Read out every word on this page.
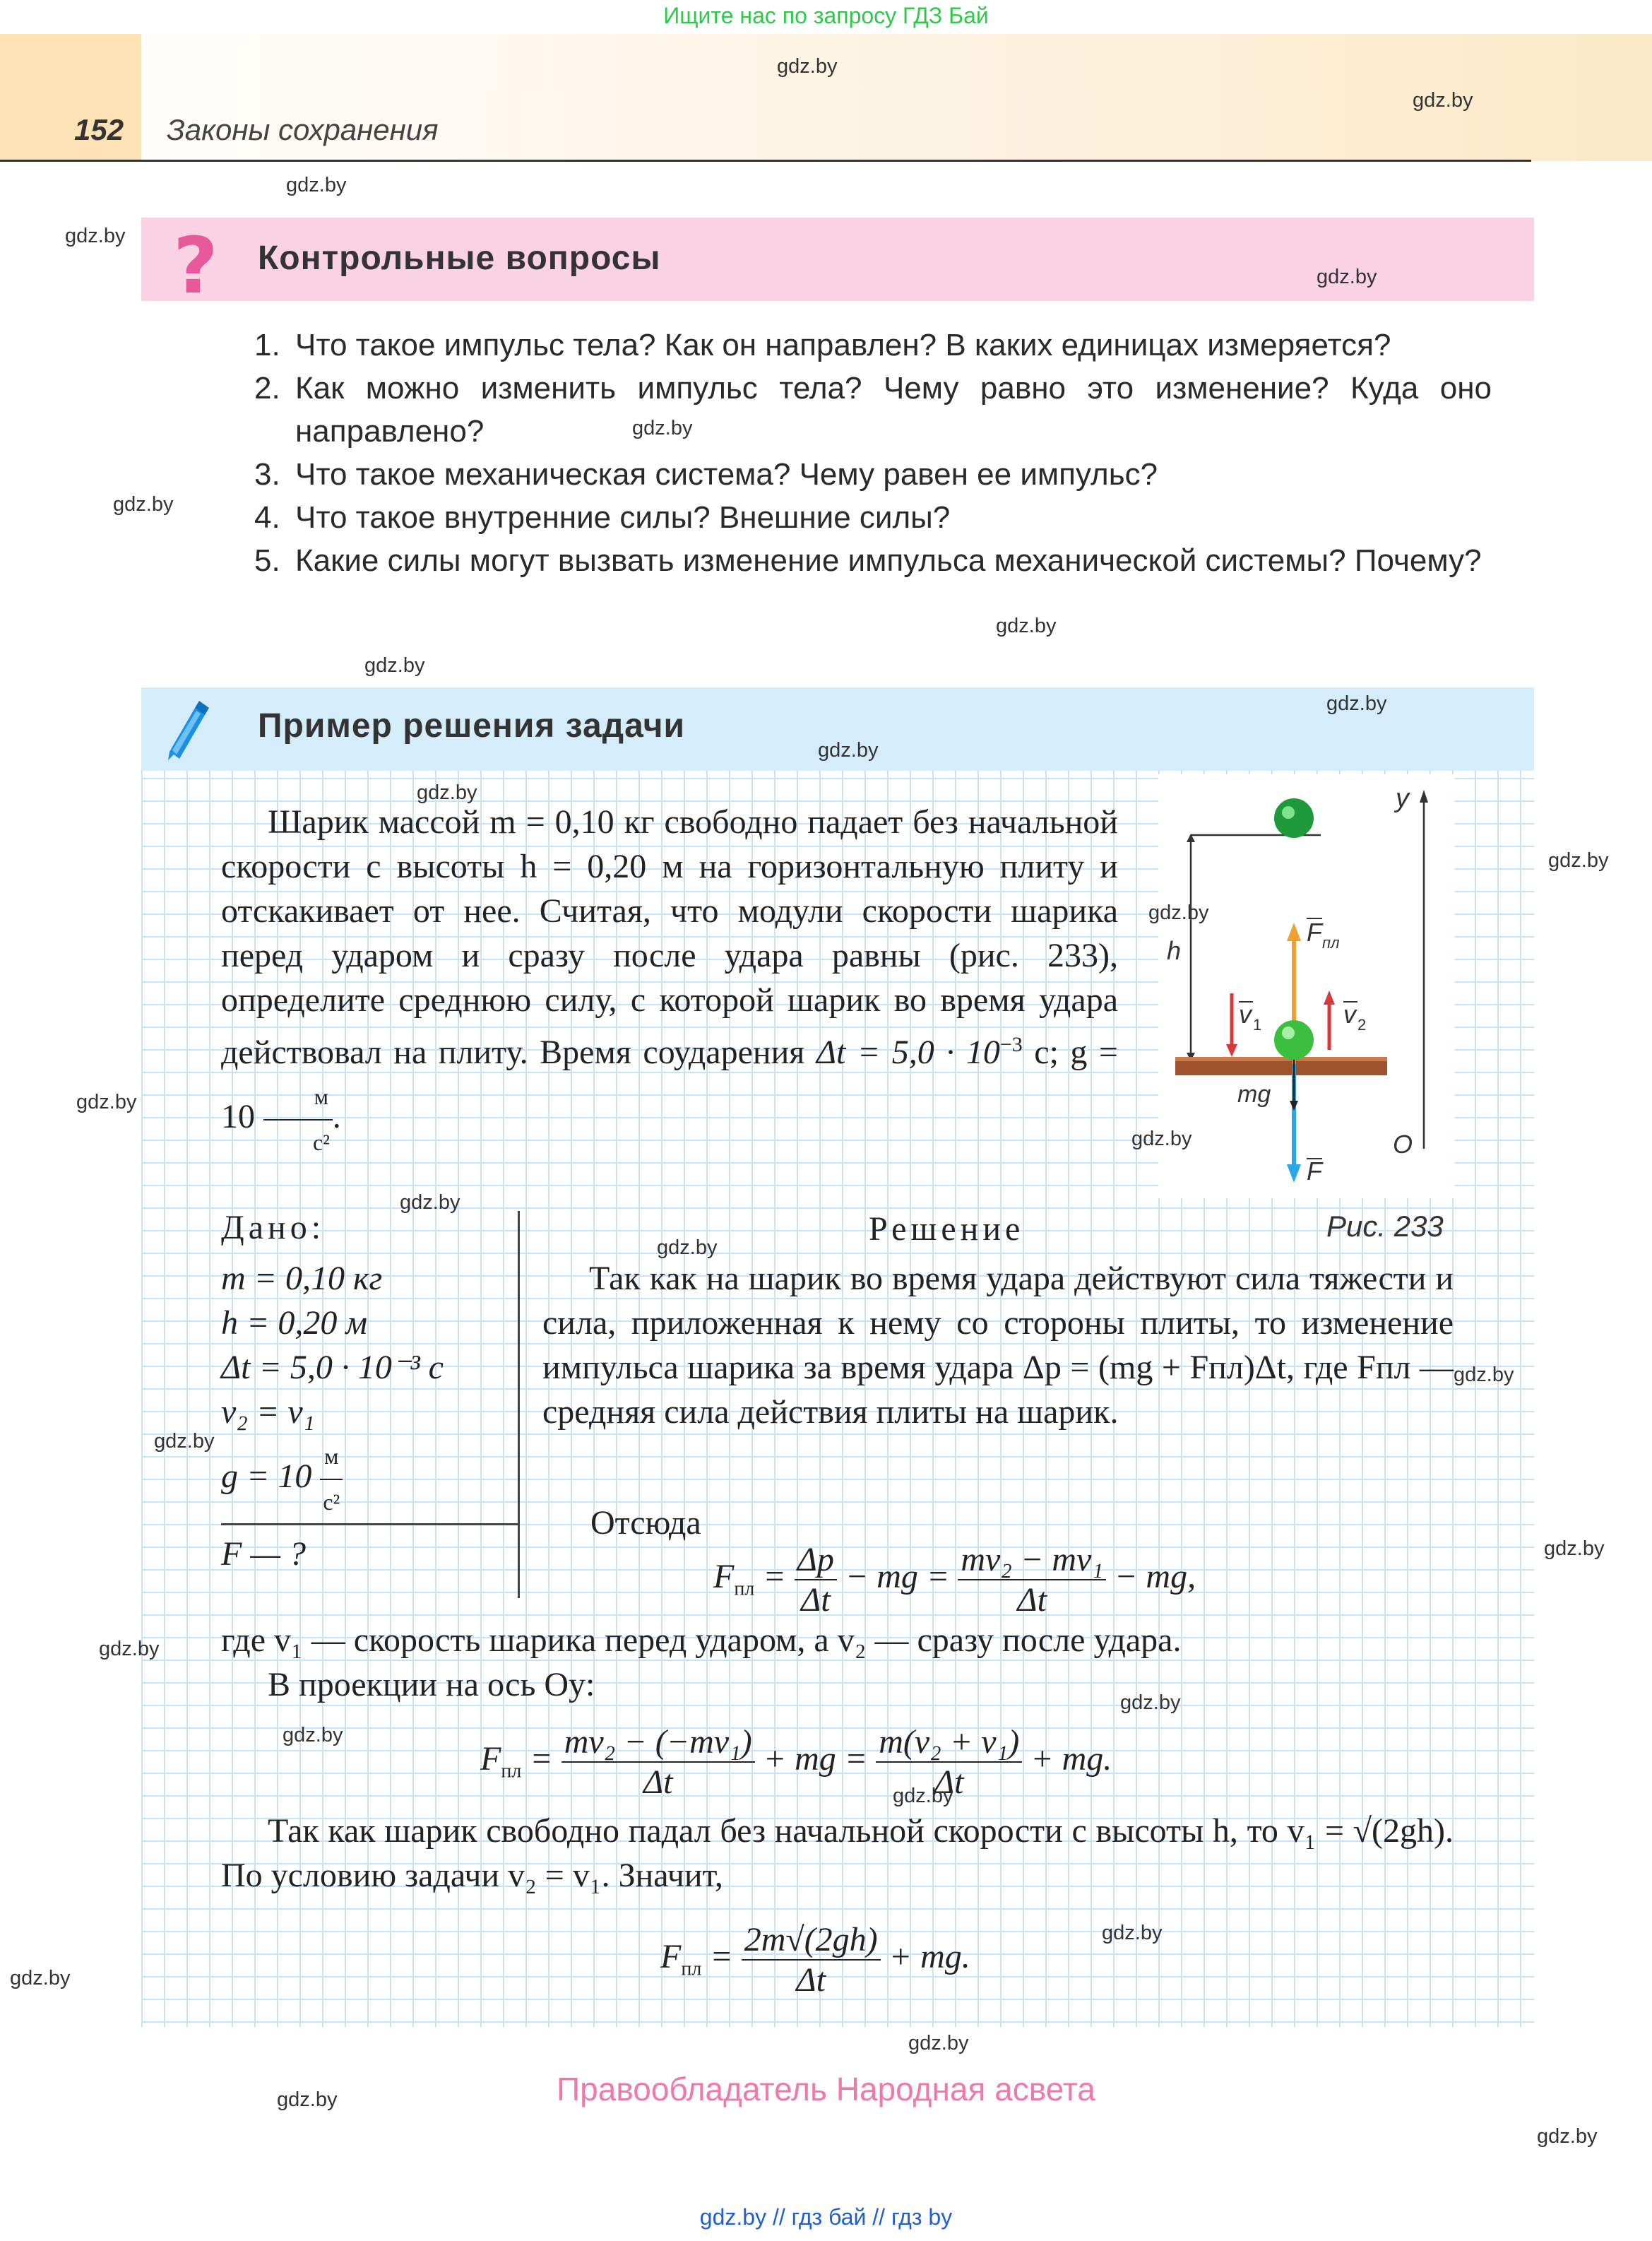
Ищите нас по запросу ГДЗ Бай
152 Законы сохранения
? Контрольные вопросы
1. Что такое импульс тела? Как он направлен? В каких единицах измеряется?
2. Как можно изменить импульс тела? Чему равно это изменение? Куда оно направлено?
3. Что такое механическая система? Чему равен ее импульс?
4. Что такое внутренние силы? Внешние силы?
5. Какие силы могут вызвать изменение импульса механической системы? Почему?
Пример решения задачи

Шарик массой m = 0,10 кг свободно падает без начальной скорости с высоты h = 0,20 м на горизонтальную плиту и отскакивает от нее. Считая, что модули скорости шарика перед ударом и сразу после удара равны (рис. 233), определите среднюю силу, с которой шарик во время удара действовал на плиту. Время соударения $\Delta t = 5,0 \cdot 10^{-3}$ с; $g = 10 \frac{м}{\text{с²}}$ .

y
h
F пл
v 1	v 2
mg
F
O
Дано:
m = 0,10 кг
h = 0,20 м
Δt = 5,0 · 10⁻³ с
v₂ = v₁
$g = 10 \frac{м}{\text{с²}}$
F — ?
Решение	Рис. 233

Так как на шарик во время удара действуют сила тяжести и сила, приложенная к нему со стороны плиты, то изменение импульса шарика за время удара Δp = (mg + Fпл)Δt, где Fпл — средняя сила действия плиты на шарик.

Отсюда
$F_{пл} = \frac{\Delta p}{\Delta t}$ − mg = $\frac{\text{mv₂ − mv₁}}{\Delta t}$ − mg,
где v₁ — скорость шарика перед ударом, а v₂ — сразу после удара.

В проекции на ось Oy:

$F_{пл} = \frac{\text{mv₂ − (−mv₁)}}{\Delta t}$ + mg = $\frac{\text{m(v₂ + v₁)}}{\Delta t}$ + mg.

Так как шарик свободно падал без начальной скорости с высоты h, то v₁ = √(2gh). По условию задачи v₂ = v₁. Значит,

$F_{пл} = \frac{2m√(2gh)}{\Delta t}$ + mg.
Правообладатель Народная асвета
gdz.by // гдз бай // гдз by
gdz.by
gdz.by
gdz.by
gdz.by
gdz.by
gdz.by
gdz.by
gdz.by
gdz.by
gdz.by
gdz.by
gdz.by
gdz.by
gdz.by
gdz.by
gdz.by
gdz.by
gdz.by
gdz.by
gdz.by
gdz.by
gdz.by
gdz.by
gdz.by
gdz.by
gdz.by
gdz.by
gdz.by
gdz.by
gdz.by
